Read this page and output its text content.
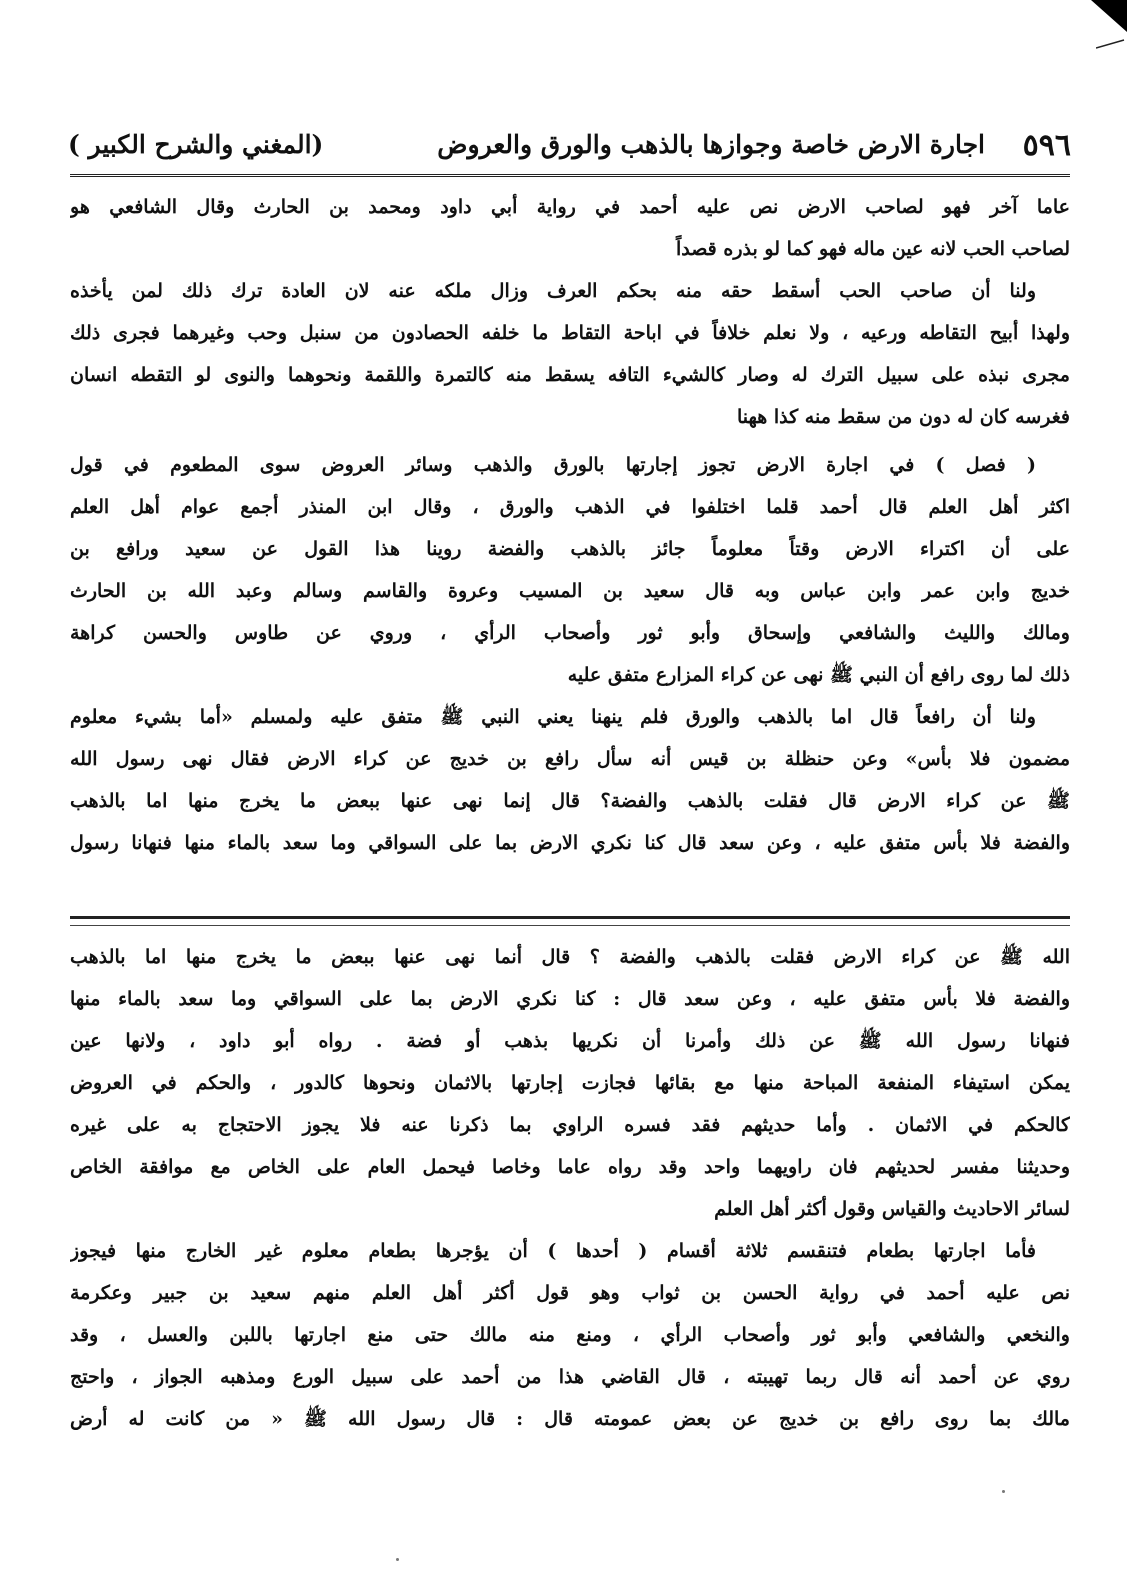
٥٩٦
اجارة الارض خاصة وجوازها بالذهب والورق والعروض
(المغني والشرح الكبير )
عاما آخر فهو لصاحب الارض نص عليه أحمد في رواية أبي داود ومحمد بن الحارث وقال الشافعي هو
لصاحب الحب لانه عين ماله فهو كما لو بذره قصداً
ولنا أن صاحب الحب أسقط حقه منه بحكم العرف وزال ملكه عنه لان العادة ترك ذلك لمن يأخذه
ولهذا أبيح التقاطه ورعيه ، ولا نعلم خلافاً في اباحة التقاط ما خلفه الحصادون من سنبل وحب وغيرهما فجرى ذلك
مجرى نبذه على سبيل الترك له وصار كالشيء التافه يسقط منه كالتمرة واللقمة ونحوهما والنوى لو التقطه انسان
فغرسه كان له دون من سقط منه كذا ههنا
( فصل ) في اجارة الارض تجوز إجارتها بالورق والذهب وسائر العروض سوى المطعوم في قول
اكثر أهل العلم قال أحمد قلما اختلفوا في الذهب والورق ، وقال ابن المنذر أجمع عوام أهل العلم
على أن اكتراء الارض وقتاً معلوماً جائز بالذهب والفضة روينا هذا القول عن سعيد ورافع بن
خديج وابن عمر وابن عباس وبه قال سعيد بن المسيب وعروة والقاسم وسالم وعبد الله بن الحارث
ومالك والليث والشافعي وإسحاق وأبو ثور وأصحاب الرأي ، وروي عن طاوس والحسن كراهة
ذلك لما روى رافع أن النبي ﷺ نهى عن كراء المزارع متفق عليه
ولنا أن رافعاً قال اما بالذهب والورق فلم ينهنا يعني النبي ﷺ متفق عليه ولمسلم «أما بشيء معلوم
مضمون فلا بأس» وعن حنظلة بن قيس أنه سأل رافع بن خديج عن كراء الارض فقال نهى رسول الله
ﷺ عن كراء الارض قال فقلت بالذهب والفضة؟ قال إنما نهى عنها ببعض ما يخرج منها اما بالذهب
والفضة فلا بأس متفق عليه ، وعن سعد قال كنا نكري الارض بما على السواقي وما سعد بالماء منها فنهانا رسول
الله ﷺ عن كراء الارض فقلت بالذهب والفضة ؟ قال أنما نهى عنها ببعض ما يخرج منها اما بالذهب
والفضة فلا بأس متفق عليه ، وعن سعد قال : كنا نكري الارض بما على السواقي وما سعد بالماء منها
فنهانا رسول الله ﷺ عن ذلك وأمرنا أن نكريها بذهب أو فضة . رواه أبو داود ، ولانها عين
يمكن استيفاء المنفعة المباحة منها مع بقائها فجازت إجارتها بالاثمان ونحوها كالدور ، والحكم في العروض
كالحكم في الاثمان . وأما حديثهم فقد فسره الراوي بما ذكرنا عنه فلا يجوز الاحتجاج به على غيره
وحديثنا مفسر لحديثهم فان راويهما واحد وقد رواه عاما وخاصا فيحمل العام على الخاص مع موافقة الخاص
لسائر الاحاديث والقياس وقول أكثر أهل العلم
فأما اجارتها بطعام فتنقسم ثلاثة أقسام ( أحدها ) أن يؤجرها بطعام معلوم غير الخارج منها فيجوز
نص عليه أحمد في رواية الحسن بن ثواب وهو قول أكثر أهل العلم منهم سعيد بن جبير وعكرمة
والنخعي والشافعي وأبو ثور وأصحاب الرأي ، ومنع منه مالك حتى منع اجارتها باللبن والعسل ، وقد
روي عن أحمد أنه قال ربما تهيبته ، قال القاضي هذا من أحمد على سبيل الورع ومذهبه الجواز ، واحتج
مالك بما روى رافع بن خديج عن بعض عمومته قال : قال رسول الله ﷺ « من كانت له أرض
